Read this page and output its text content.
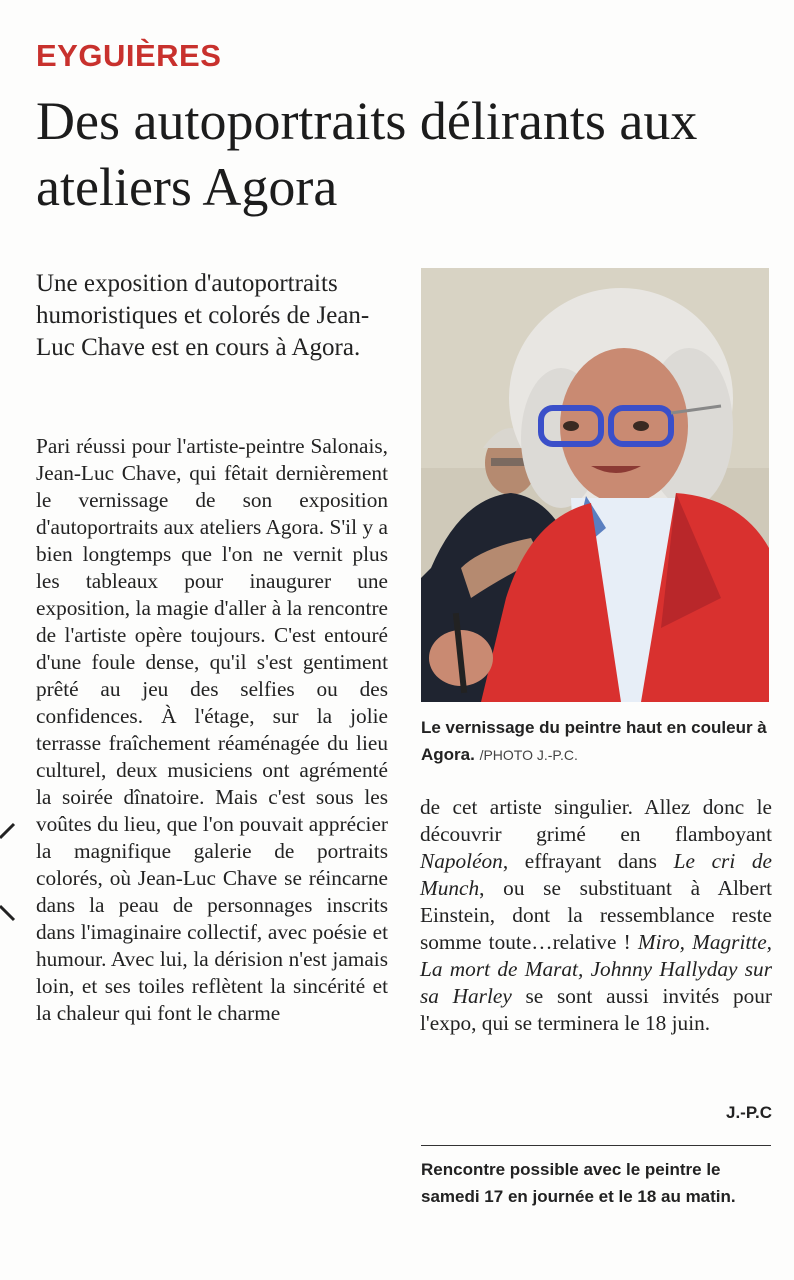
EYGUIÈRES
Des autoportraits délirants aux ateliers Agora
Une exposition d'autoportraits humoristiques et colorés de Jean-Luc Chave est en cours à Agora.
Pari réussi pour l'artiste-peintre Salonais, Jean-Luc Chave, qui fêtait dernièrement le vernissage de son exposition d'autoportraits aux ateliers Agora. S'il y a bien longtemps que l'on ne vernit plus les tableaux pour inaugurer une exposition, la magie d'aller à la rencontre de l'artiste opère toujours. C'est entouré d'une foule dense, qu'il s'est gentiment prêté au jeu des selfies ou des confidences. À l'étage, sur la jolie terrasse fraîchement réaménagée du lieu culturel, deux musiciens ont agrémenté la soirée dînatoire. Mais c'est sous les voûtes du lieu, que l'on pouvait apprécier la magnifique galerie de portraits colorés, où Jean-Luc Chave se réincarne dans la peau de personnages inscrits dans l'imaginaire collectif, avec poésie et humour. Avec lui, la dérision n'est jamais loin, et ses toiles reflètent la sincérité et la chaleur qui font le charme
Le vernissage du peintre haut en couleur à Agora. /PHOTO J.-P.C.
de cet artiste singulier. Allez donc le découvrir grimé en flamboyant Napoléon, effrayant dans Le cri de Munch, ou se substituant à Albert Einstein, dont la ressemblance reste somme toute…relative ! Miro, Magritte, La mort de Marat, Johnny Hallyday sur sa Harley se sont aussi invités pour l'expo, qui se terminera le 18 juin.
J.-P.C
Rencontre possible avec le peintre le samedi 17 en journée et le 18 au matin.
